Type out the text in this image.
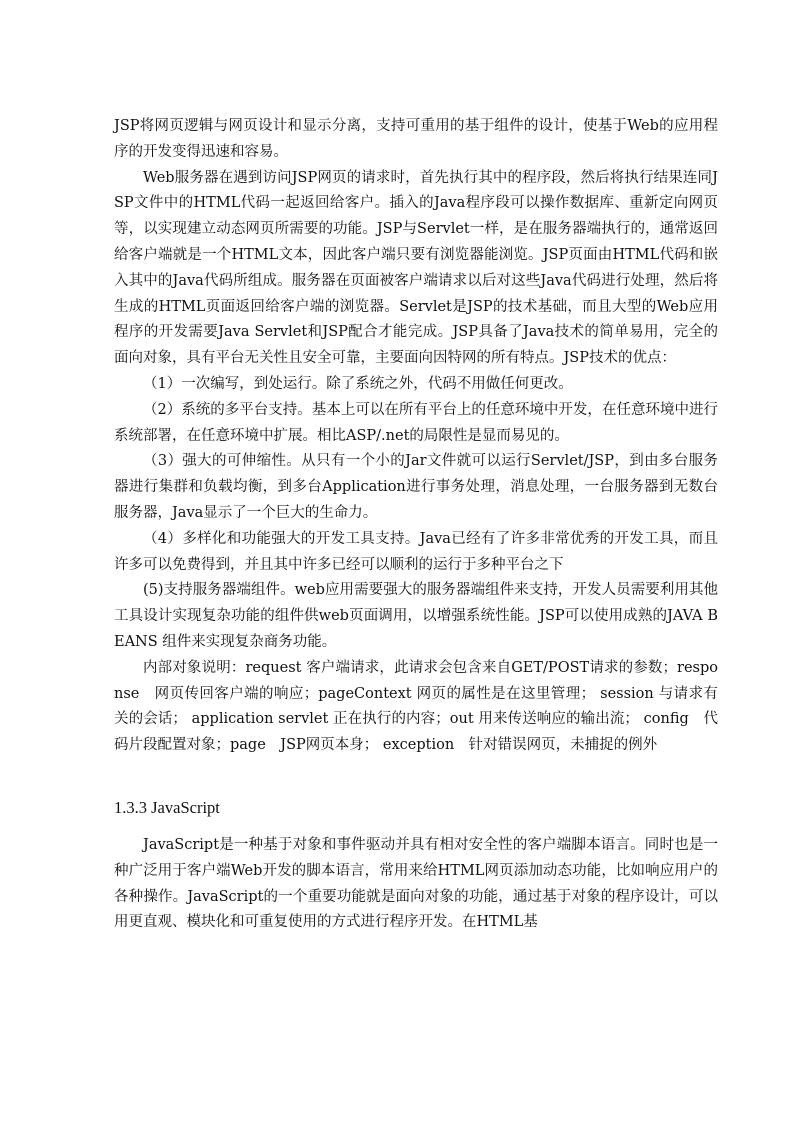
JSP将网页逻辑与网页设计和显示分离，支持可重用的基于组件的设计，使基于Web的应用程序的开发变得迅速和容易。

Web服务器在遇到访问JSP网页的请求时，首先执行其中的程序段，然后将执行结果连同JSP文件中的HTML代码一起返回给客户。插入的Java程序段可以操作数据库、重新定向网页等，以实现建立动态网页所需要的功能。JSP与Servlet一样，是在服务器端执行的，通常返回给客户端就是一个HTML文本，因此客户端只要有浏览器能浏览。JSP页面由HTML代码和嵌入其中的Java代码所组成。服务器在页面被客户端请求以后对这些Java代码进行处理，然后将生成的HTML页面返回给客户端的浏览器。Servlet是JSP的技术基础，而且大型的Web应用程序的开发需要Java Servlet和JSP配合才能完成。JSP具备了Java技术的简单易用，完全的面向对象，具有平台无关性且安全可靠，主要面向因特网的所有特点。JSP技术的优点：

（1）一次编写，到处运行。除了系统之外，代码不用做任何更改。

（2）系统的多平台支持。基本上可以在所有平台上的任意环境中开发，在任意环境中进行系统部署，在任意环境中扩展。相比ASP/.net的局限性是显而易见的。

（3）强大的可伸缩性。从只有一个小的Jar文件就可以运行Servlet/JSP，到由多台服务器进行集群和负载均衡，到多台Application进行事务处理，消息处理，一台服务器到无数台服务器，Java显示了一个巨大的生命力。

（4）多样化和功能强大的开发工具支持。Java已经有了许多非常优秀的开发工具，而且许多可以免费得到，并且其中许多已经可以顺利的运行于多种平台之下

(5)支持服务器端组件。web应用需要强大的服务器端组件来支持，开发人员需要利用其他工具设计实现复杂功能的组件供web页面调用，以增强系统性能。JSP可以使用成熟的JAVA BEANS 组件来实现复杂商务功能。

内部对象说明：request 客户端请求，此请求会包含来自GET/POST请求的参数；response　网页传回客户端的响应；pageContext 网页的属性是在这里管理； session 与请求有关的会话； application servlet 正在执行的内容；out 用来传送响应的输出流； config　代码片段配置对象；page　JSP网页本身； exception　针对错误网页，未捕捉的例外

1.3.3 JavaScript

JavaScript是一种基于对象和事件驱动并具有相对安全性的客户端脚本语言。同时也是一种广泛用于客户端Web开发的脚本语言，常用来给HTML网页添加动态功能，比如响应用户的各种操作。JavaScript的一个重要功能就是面向对象的功能，通过基于对象的程序设计，可以用更直观、模块化和可重复使用的方式进行程序开发。在HTML基
